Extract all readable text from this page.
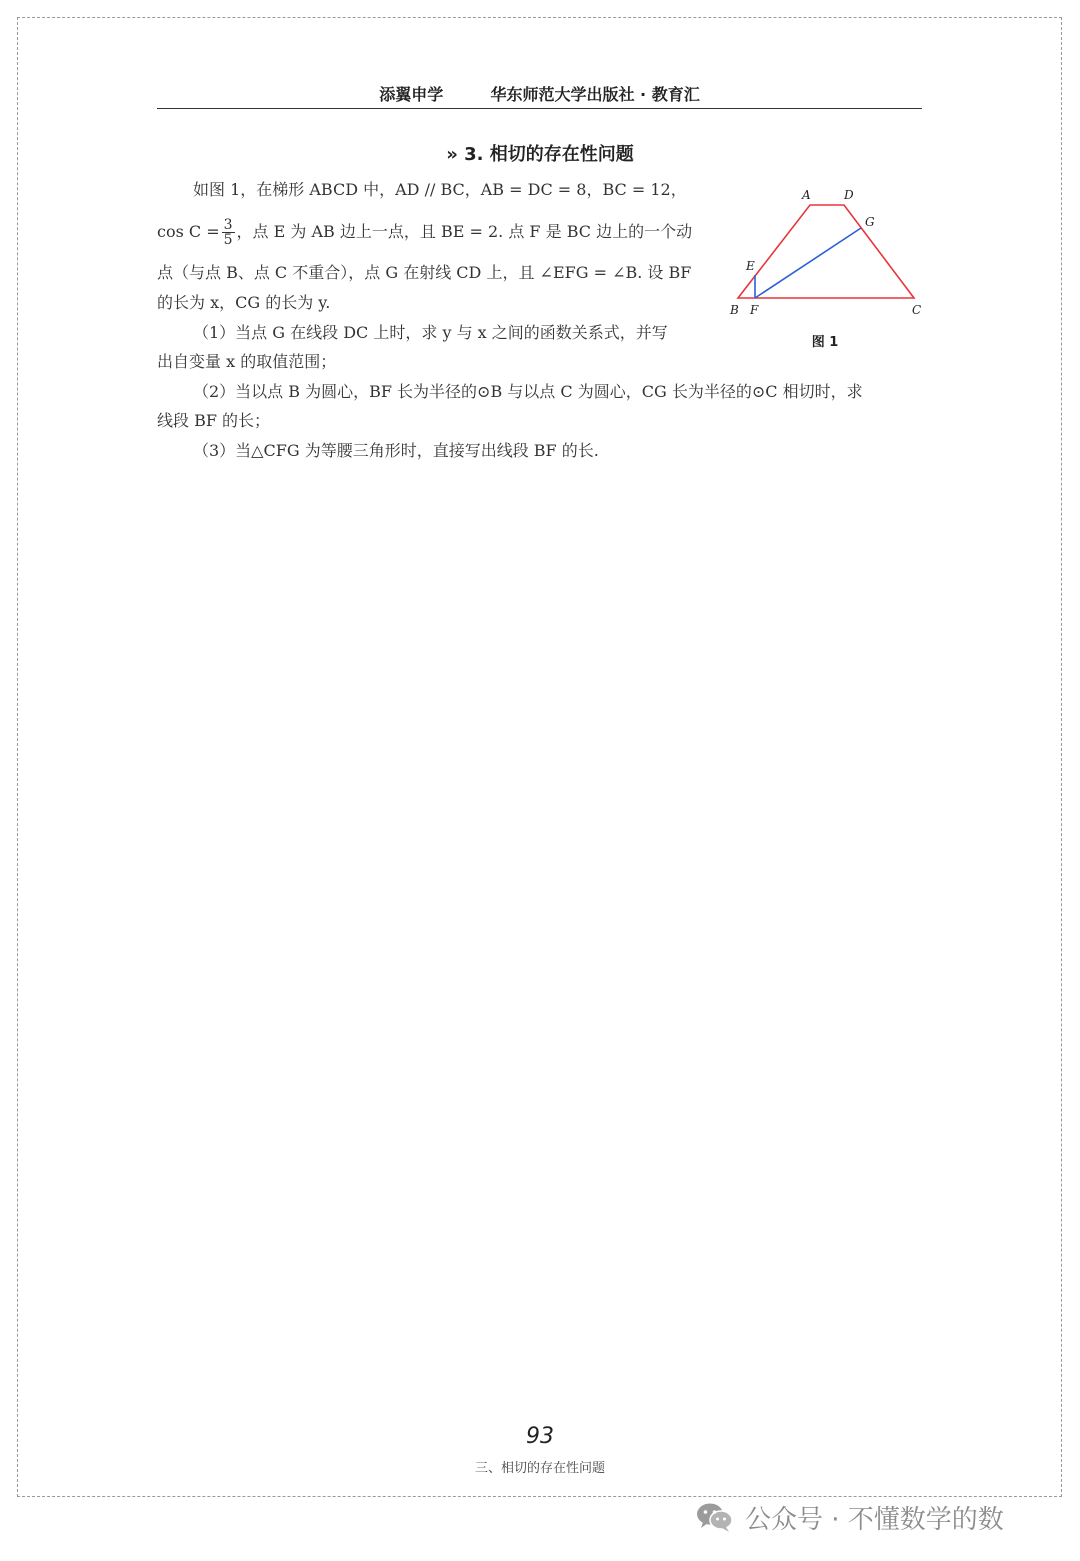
添翼申学	华东师范大学出版社 · 教育汇
» 3. 相切的存在性问题
如图 1，在梯形 ABCD 中，AD // BC，AB = DC = 8，BC = 12，
$\cos C = \frac{3}{5}$ ，点 E 为 AB 边上一点，且 BE = 2. 点 F 是 BC 边上的一个动
点（与点 B、点 C 不重合），点 G 在射线 CD 上，且 ∠EFG = ∠B. 设 BF
的长为 x，CG 的长为 y.
（1）当点 G 在线段 DC 上时，求 y 与 x 之间的函数关系式，并写
出自变量 x 的取值范围；
（2）当以点 B 为圆心，BF 长为半径的⊙B 与以点 C 为圆心，CG 长为半径的⊙C 相切时，求
线段 BF 的长；
（3）当△CFG 为等腰三角形时，直接写出线段 BF 的长.
A	D
G
E
B F	C
图 1
93
三、相切的存在性问题
公众号 · 不懂数学的数
